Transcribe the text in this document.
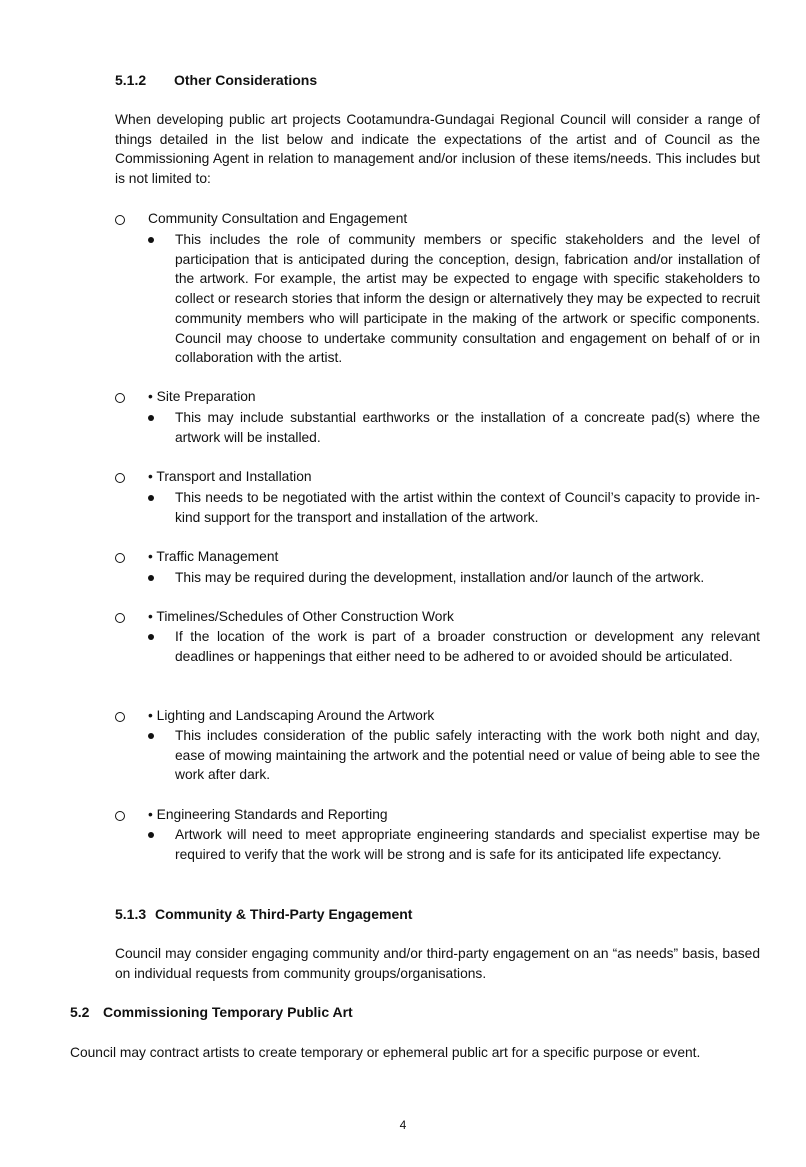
5.1.2 Other Considerations
When developing public art projects Cootamundra-Gundagai Regional Council will consider a range of things detailed in the list below and indicate the expectations of the artist and of Council as the Commissioning Agent in relation to management and/or inclusion of these items/needs. This includes but is not limited to:
Community Consultation and Engagement
This includes the role of community members or specific stakeholders and the level of participation that is anticipated during the conception, design, fabrication and/or installation of the artwork. For example, the artist may be expected to engage with specific stakeholders to collect or research stories that inform the design or alternatively they may be expected to recruit community members who will participate in the making of the artwork or specific components. Council may choose to undertake community consultation and engagement on behalf of or in collaboration with the artist.
• Site Preparation
This may include substantial earthworks or the installation of a concreate pad(s) where the artwork will be installed.
• Transport and Installation
This needs to be negotiated with the artist within the context of Council’s capacity to provide in-kind support for the transport and installation of the artwork.
• Traffic Management
This may be required during the development, installation and/or launch of the artwork.
• Timelines/Schedules of Other Construction Work
If the location of the work is part of a broader construction or development any relevant deadlines or happenings that either need to be adhered to or avoided should be articulated.
• Lighting and Landscaping Around the Artwork
This includes consideration of the public safely interacting with the work both night and day, ease of mowing maintaining the artwork and the potential need or value of being able to see the work after dark.
• Engineering Standards and Reporting
Artwork will need to meet appropriate engineering standards and specialist expertise may be required to verify that the work will be strong and is safe for its anticipated life expectancy.
5.1.3 Community & Third-Party Engagement
Council may consider engaging community and/or third-party engagement on an “as needs” basis, based on individual requests from community groups/organisations.
5.2 Commissioning Temporary Public Art
Council may contract artists to create temporary or ephemeral public art for a specific purpose or event.
4
